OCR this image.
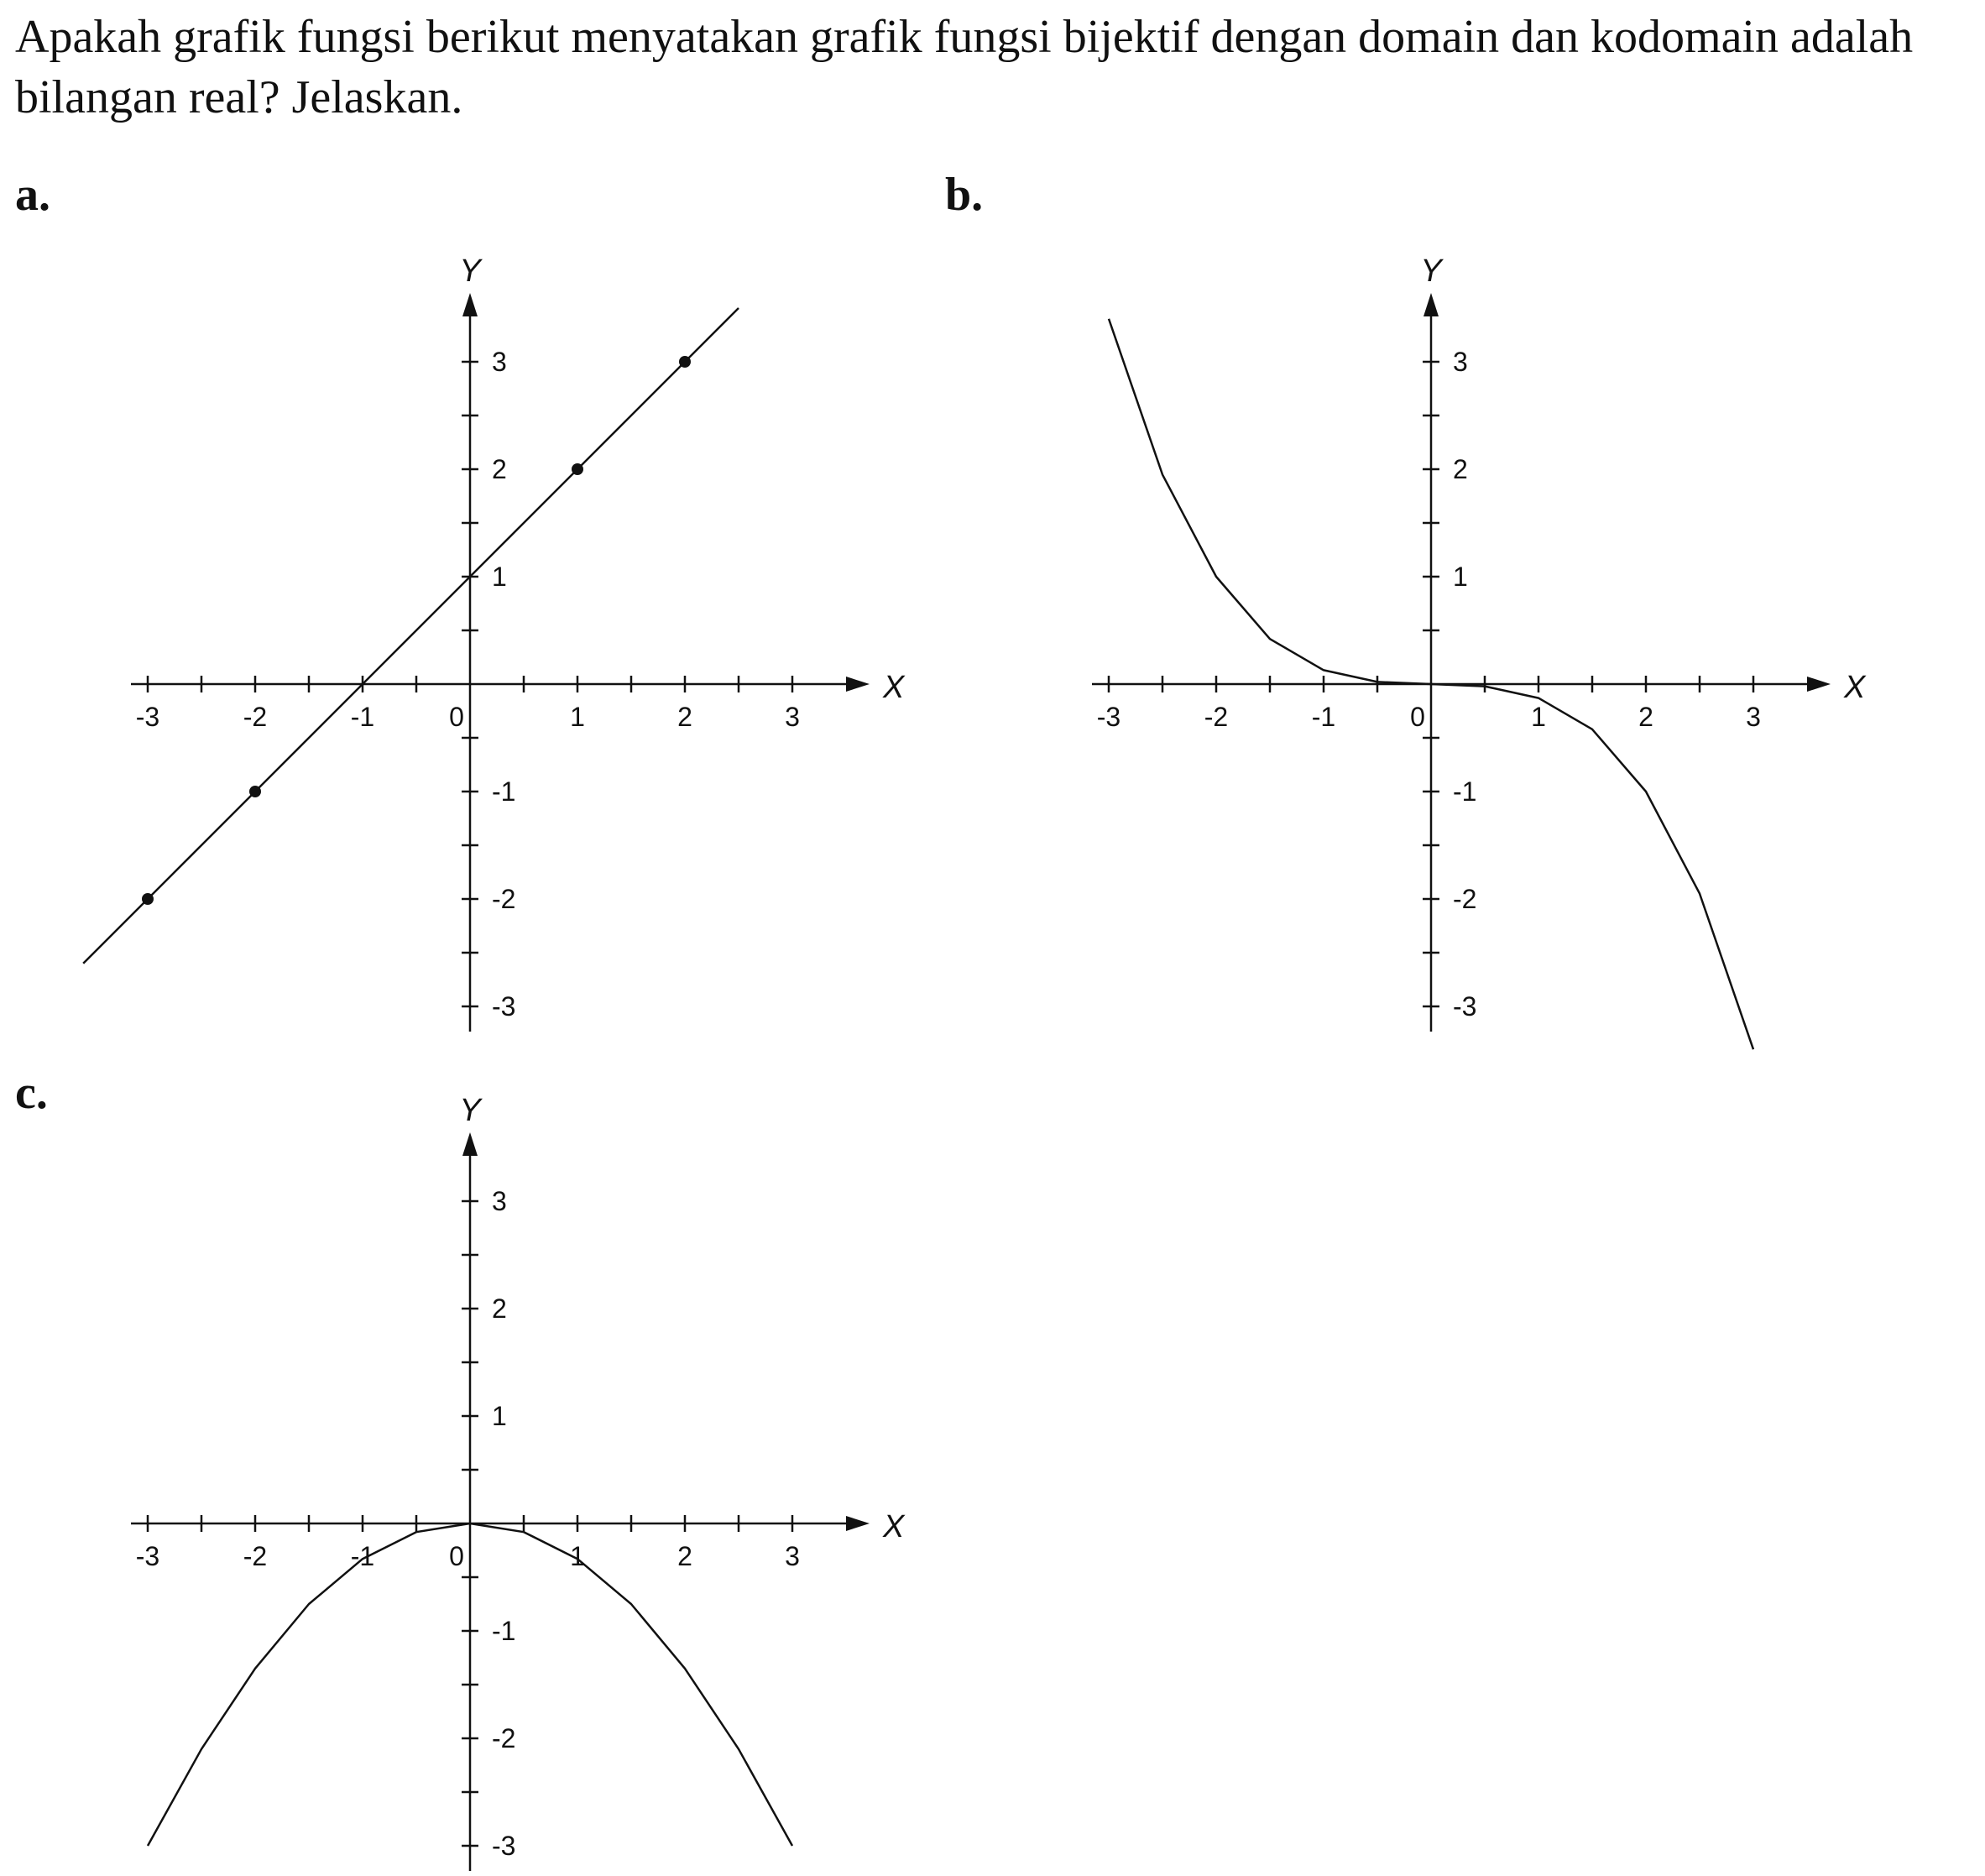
Apakah grafik fungsi berikut menyatakan grafik fungsi bijektif dengan domain dan kodomain adalah bilangan real? Jelaskan.
a.	b.
c.
-3	-2	-1	0	1	2	3
3
2
1
-1
-2
-3
X
Y
-3	-2	-1	0	1	2	3
3
2
1
-1
-2
-3
X
Y
-3	-2	-1	0	1	2	3
3
2
1
-1
-2
-3
X
Y
